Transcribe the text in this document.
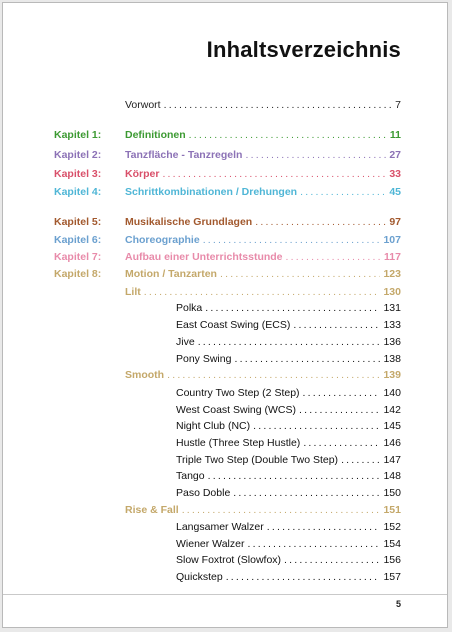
Inhaltsverzeichnis
Vorwort .....	7
Kapitel 1: Definitionen .....	11
Kapitel 2: Tanzfläche - Tanzregeln .....	27
Kapitel 3: Körper .....	33
Kapitel 4: Schrittkombinationen / Drehungen .....	45
Kapitel 5: Musikalische Grundlagen .....	97
Kapitel 6: Choreographie .....	107
Kapitel 7: Aufbau einer Unterrichtsstunde .....	117
Kapitel 8: Motion / Tanzarten .....	123
Lilt .....	130
Polka .....	131
East Coast Swing (ECS) .....	133
Jive .....	136
Pony Swing .....	138
Smooth .....	139
Country Two Step (2 Step) .....	140
West Coast Swing (WCS) .....	142
Night Club (NC) .....	145
Hustle (Three Step Hustle) .....	146
Triple Two Step (Double Two Step) .....	147
Tango .....	148
Paso Doble .....	150
Rise & Fall .....	151
Langsamer Walzer .....	152
Wiener Walzer .....	154
Slow Foxtrot (Slowfox) .....	156
Quickstep .....	157
5
